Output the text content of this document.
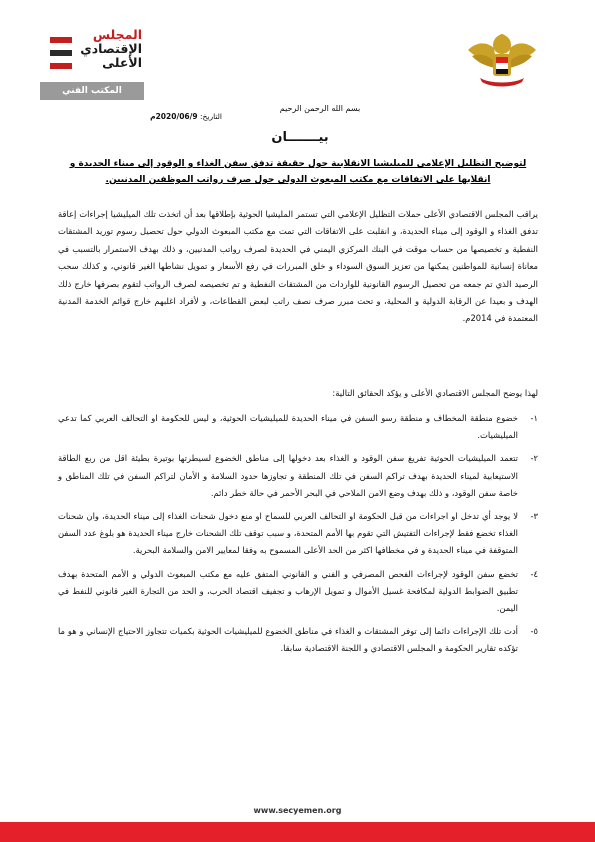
المجلس
الإقتصادي
الأعلى
المكتب الفني
بسم الله الرحمن الرحيم
التاريخ: 2020/06/9م
بيـــــــان
لتوضيح التظليل الإعلامي للميليشيا الانقلابية حول حقيقة تدفق سفن الغذاء و الوقود إلى ميناء الحديدة و انقلابها على الاتفاقات مع مكتب المبعوث الدولي حول صرف رواتب الموظفين المدنيين.
يراقب المجلس الاقتصادي الأعلى حملات التظليل الإعلامي التي تستمر المليشيا الحوثية بإطلاقها بعد أن اتخذت تلك الميليشيا إجراءات إعاقة تدفق الغذاء و الوقود إلى ميناء الحديدة، و انقلبت على الاتفاقات التي تمت مع مكتب المبعوث الدولي حول تحصيل رسوم توريد المشتقات النفطية و تخصيصها من حساب موقت في البنك المركزي اليمني في الحديدة لصرف رواتب المدنيين، و ذلك بهدف الاستمرار بالتسبب في معاناة إنسانية للمواطنين يمكنها من تعزيز السوق السوداء و خلق المبررات في رفع الأسعار و تمويل نشاطها الغير قانوني، و كذلك سحب الرصيد الذي تم جمعه من تحصيل الرسوم القانونية للواردات من المشتقات النفطية و تم تخصيصه لصرف الرواتب لتقوم بصرفها خارج ذلك الهدف و بعيدا عن الرقابة الدولية و المحلية، و تحت مبرر صرف نصف راتب لبعض القطاعات، و لأفراد اغلبهم خارج قوائم الخدمة المدنية المعتمدة في 2014م.
لهذا يوضح المجلس الاقتصادي الأعلى و يؤكد الحقائق التالية:
١-
خضوع منطقة المخطاف و منطقة رسو السفن في ميناء الحديدة للميليشيات الحوثية، و ليس للحكومة او التحالف العربي كما تدعي الميليشيات.
٢-
تتعمد الميليشيات الحوثية تفريغ سفن الوقود و الغذاء بعد دخولها إلى مناطق الخضوع لسيطرتها بوتيرة بطيئة اقل من ربع الطاقة الاستيعابية لميناء الحديدة بهدف تراكم السفن في تلك المنطقة و تجاوزها حدود السلامة و الأمان لتراكم السفن في تلك المناطق و خاصة سفن الوقود، و ذلك بهدف وضع الامن الملاحي في البحر الأحمر في حالة خطر دائم.
٣-
لا يوجد أي تدخل او اجراءات من قبل الحكومة او التحالف العربي للسماح او منع دخول شحنات الغذاء إلى ميناء الحديدة، وان شحنات الغذاء تخضع فقط لإجراءات التفتيش التي تقوم بها الأمم المتحدة، و سبب توقف تلك الشحنات خارج ميناء الحديدة هو بلوغ عدد السفن المتوقفة في ميناء الحديدة و في مخطافها اكثر من الحد الأعلى المسموح به وفقا لمعايير الامن والسلامة البحرية.
٤-
تخضع سفن الوقود لإجراءات الفحص المصرفي و الفني و القانوني المتفق عليه مع مكتب المبعوث الدولي و الأمم المتحدة بهدف تطبيق الضوابط الدولية لمكافحة غسيل الأموال و تمويل الإرهاب و تجفيف اقتصاد الحرب، و الحد من التجارة الغير قانوني للنفط في اليمن.
٥-
أدت تلك الإجراءات دائما إلى توفر المشتقات و الغذاء في مناطق الخضوع للميليشيات الحوثية بكميات تتجاوز الاحتياج الإنساني و هو ما تؤكده تقارير الحكومة و المجلس الاقتصادي و اللجنة الاقتصادية سابقا.
www.secyemen.org
